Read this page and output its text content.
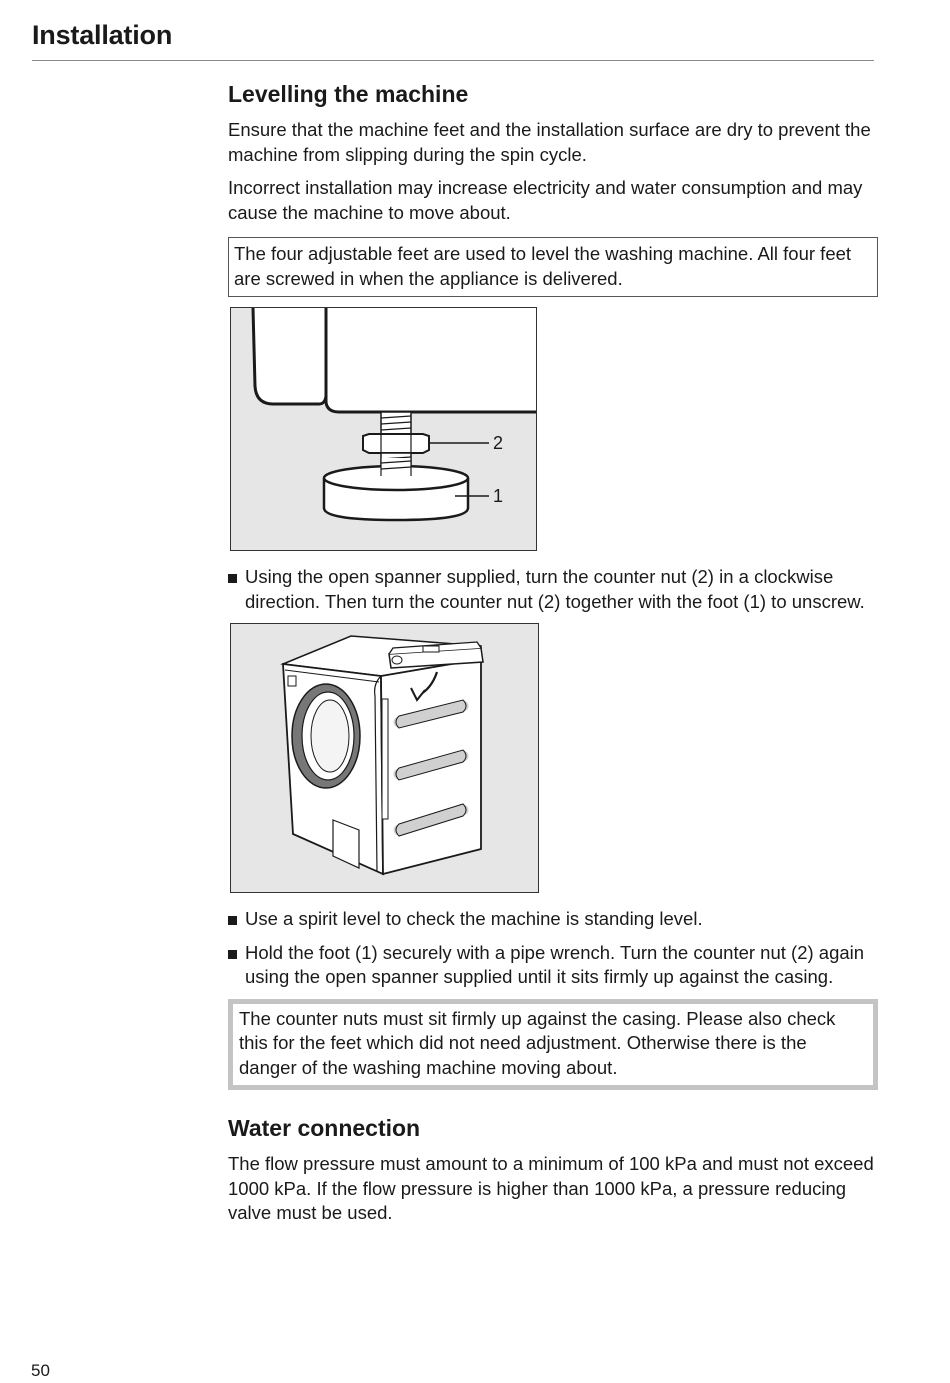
Installation
Levelling the machine

Ensure that the machine feet and the installation surface are dry to prevent the machine from slipping during the spin cycle.

Incorrect installation may increase electricity and water consumption and may cause the machine to move about.

The four adjustable feet are used to level the washing machine. All four feet are screwed in when the appliance is delivered.
2
1
Using the open spanner supplied, turn the counter nut (2) in a clockwise direction. Then turn the counter nut (2) together with the foot (1) to unscrew.
Use a spirit level to check the machine is standing level.
Hold the foot (1) securely with a pipe wrench. Turn the counter nut (2) again using the open spanner supplied until it sits firmly up against the casing.
The counter nuts must sit firmly up against the casing. Please also check this for the feet which did not need adjustment. Otherwise there is the danger of the washing machine moving about.
Water connection

The flow pressure must amount to a minimum of 100 kPa and must not exceed 1000 kPa. If the flow pressure is higher than 1000 kPa, a pressure reducing valve must be used.

50
